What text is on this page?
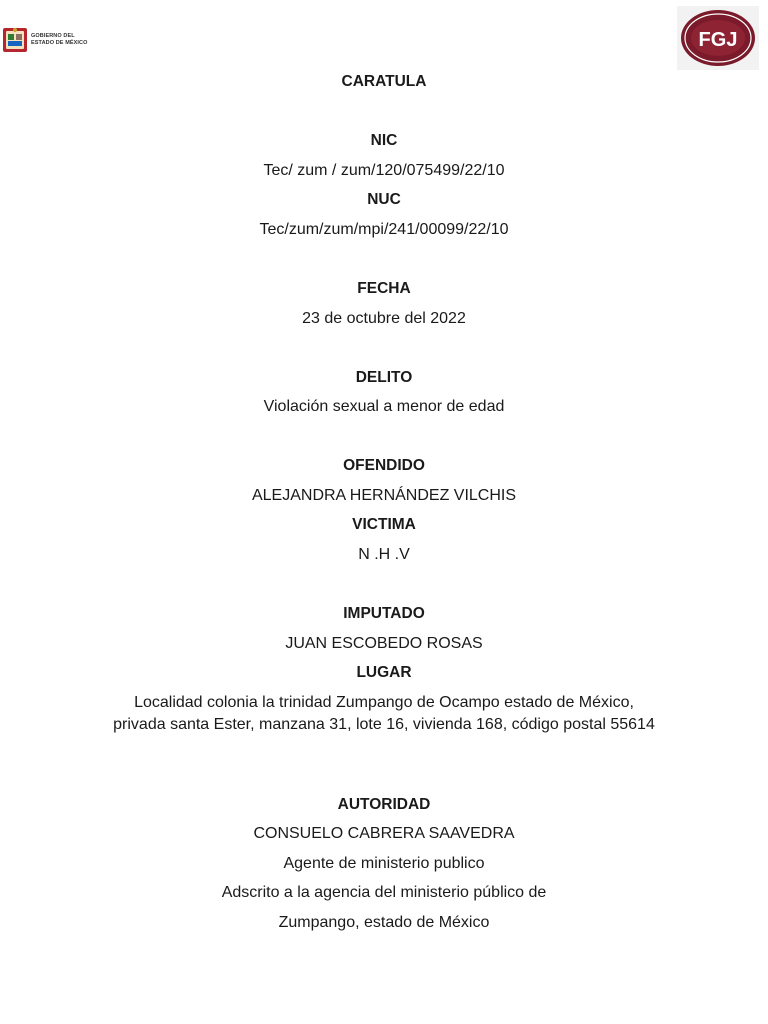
GOBIERNO DEL
ESTADO DE MÉXICO	FGJ
CARATULA
NIC
Tec/ zum / zum/120/075499/22/10
NUC
Tec/zum/zum/mpi/241/00099/22/10
FECHA
23 de octubre del 2022
DELITO
Violación sexual a menor de edad
OFENDIDO
ALEJANDRA HERNÁNDEZ VILCHIS
VICTIMA
N .H .V
IMPUTADO
JUAN ESCOBEDO ROSAS
LUGAR
Localidad colonia la trinidad Zumpango de Ocampo estado de México, privada santa Ester, manzana 31, lote 16, vivienda 168, código postal 55614
AUTORIDAD
CONSUELO CABRERA SAAVEDRA
Agente de ministerio publico
Adscrito a la agencia del ministerio público de
Zumpango, estado de México
